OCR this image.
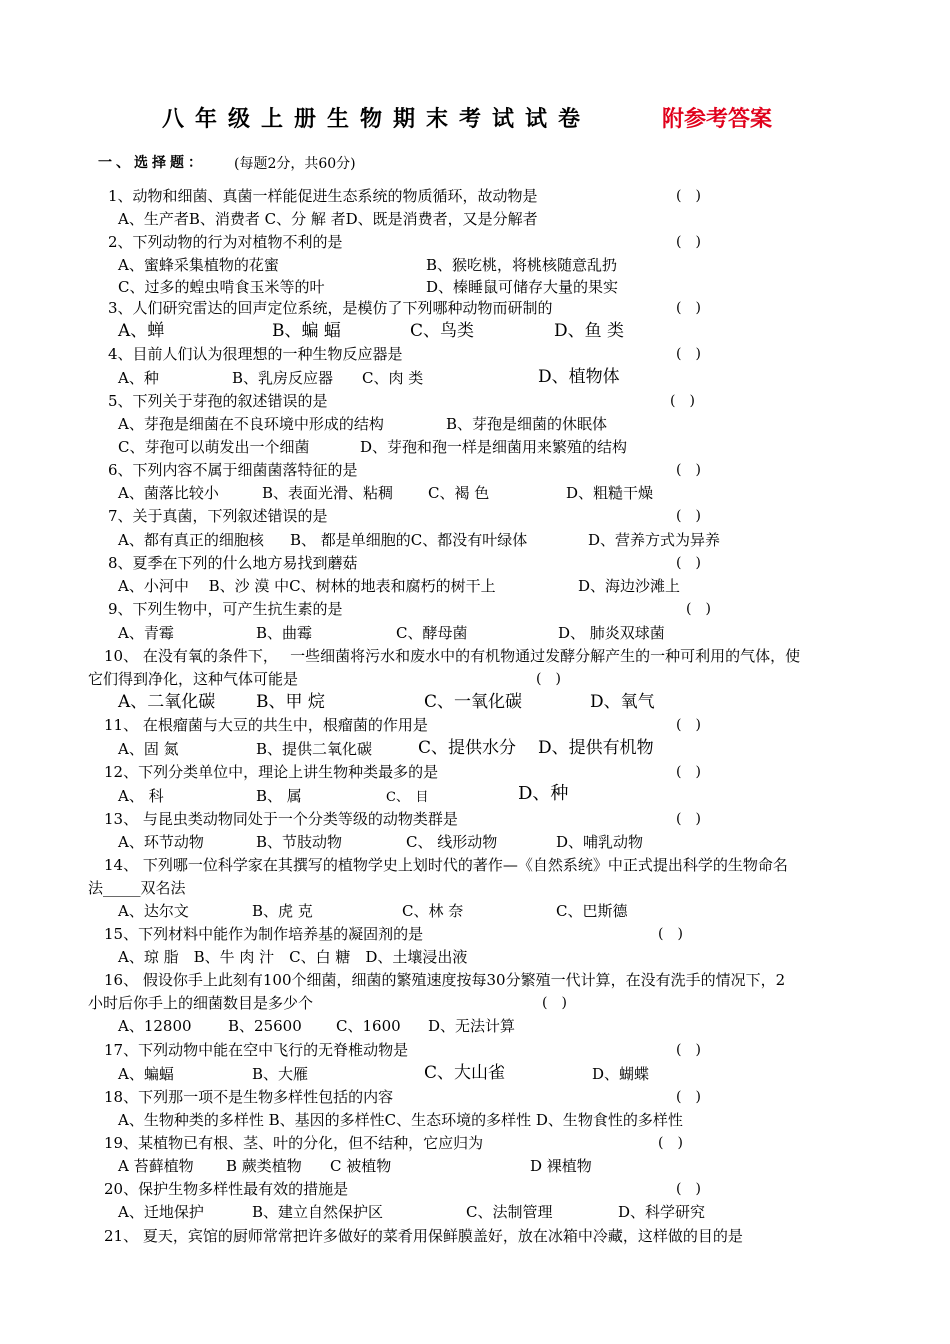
八年级上册生物期末考试试卷	附参考答案
一、选择题： (每题2分，共60分)
1、动物和细菌、真菌一样能促进生态系统的物质循环，故动物是	(　)
A、生产者B、消费者 C、分 解 者D、既是消费者，又是分解者
2、下列动物的行为对植物不利的是	(　)
A、蜜蜂采集植物的花蜜	B、猴吃桃，将桃核随意乱扔
C、过多的蝗虫啃食玉米等的叶	D、榛睡鼠可储存大量的果实
3、人们研究雷达的回声定位系统，是模仿了下列哪种动物而研制的	(　)
A、蝉	B、蝙 蝠	C、鸟类	D、鱼 类
4、目前人们认为很理想的一种生物反应器是	(　)
A、种	B、乳房反应器 C、肉 类	D、植物体
5、下列关于芽孢的叙述错误的是	(　)
A、芽孢是细菌在不良环境中形成的结构	B、芽孢是细菌的休眠体
C、芽孢可以萌发出一个细菌	D、芽孢和孢一样是细菌用来繁殖的结构
6、下列内容不属于细菌菌落特征的是	(　)
A、菌落比较小	B、表面光滑、粘稠 C、褐 色	D、粗糙干燥
7、关于真菌，下列叙述错误的是	(　)
A、都有真正的细胞核 B、 都是单细胞的C、都没有叶绿体	D、营养方式为异养
8、夏季在下列的什么地方易找到蘑菇	(　)
A、小河中　 B、沙 漠 中C、树林的地表和腐朽的树干上	D、海边沙滩上
9、下列生物中，可产生抗生素的是	(　)
A、青霉	B、曲霉	C、酵母菌	D、 肺炎双球菌
10、 在没有氧的条件下，　 一些细菌将污水和废水中的有机物通过发酵分解产生的一种可利用的气体，使
它们得到净化，这种气体可能是	(　)
A、二氧化碳 B、甲 烷	C、一氧化碳	D、氧气
11、 在根瘤菌与大豆的共生中，根瘤菌的作用是	(　)
A、固 氮	B、提供二氧化碳	C、提供水分 D、提供有机物
12、下列分类单位中，理论上讲生物种类最多的是	(　)
A、 科	B、 属	C、　目	D、种
13、 与昆虫类动物同处于一个分类等级的动物类群是	(　)
A、环节动物	B、节肢动物	C、 线形动物	D、哺乳动物
14、 下列哪一位科学家在其撰写的植物学史上划时代的著作—《自然系统》中正式提出科学的生物命名
法_____双名法
A、达尔文	B、虎 克	C、林 奈	C、巴斯德
15、下列材料中能作为制作培养基的凝固剂的是	(　)
A、琼 脂　B、牛 肉 汁　C、白 糖　D、土壤浸出液
16、 假设你手上此刻有100个细菌，细菌的繁殖速度按每30分繁殖一代计算，在没有洗手的情况下，2
小时后你手上的细菌数目是多少个	(　)
A、12800 B、25600 C、1600 D、无法计算
17、下列动物中能在空中飞行的无脊椎动物是	(　)
A、蝙蝠	B、大雁	C、大山雀	D、蝴蝶
18、下列那一项不是生物多样性包括的内容	(　)
A、生物种类的多样性 B、基因的多样性C、生态环境的多样性 D、生物食性的多样性
19、某植物已有根、茎、叶的分化，但不结种，它应归为	(　)
A 苔藓植物 B 蕨类植物 C 被植物	D 裸植物
20、保护生物多样性最有效的措施是	(　)
A、迁地保护	B、建立自然保护区	C、法制管理	D、科学研究
21、 夏天，宾馆的厨师常常把许多做好的菜肴用保鲜膜盖好，放在冰箱中冷藏，这样做的目的是
